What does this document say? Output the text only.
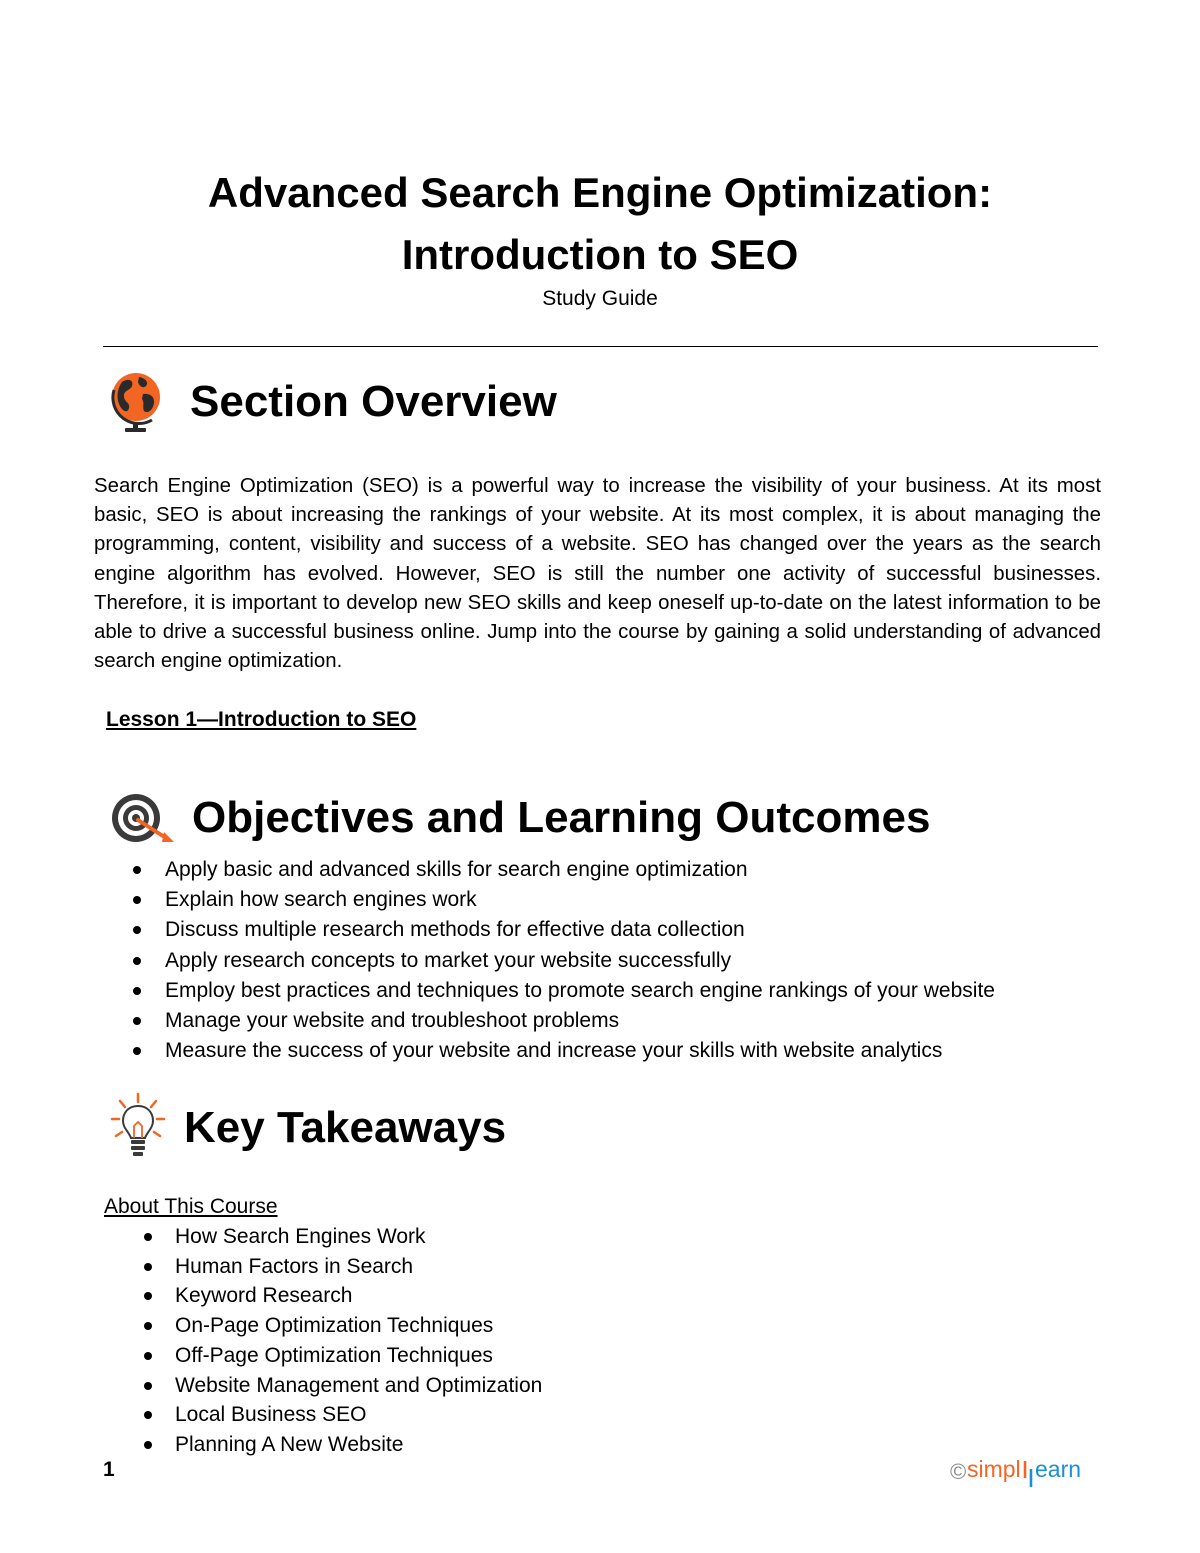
Advanced Search Engine Optimization:
Introduction to SEO
Study Guide
Section Overview

Search Engine Optimization (SEO) is a powerful way to increase the visibility of your business. At its most basic, SEO is about increasing the rankings of your website. At its most complex, it is about managing the programming, content, visibility and success of a website. SEO has changed over the years as the search engine algorithm has evolved. However, SEO is still the number one activity of successful businesses. Therefore, it is important to develop new SEO skills and keep oneself up-to-date on the latest information to be able to drive a successful business online. Jump into the course by gaining a solid understanding of advanced search engine optimization.

Lesson 1—Introduction to SEO
Objectives and Learning Outcomes
Apply basic and advanced skills for search engine optimization
Explain how search engines work
Discuss multiple research methods for effective data collection
Apply research concepts to market your website successfully
Employ best practices and techniques to promote search engine rankings of your website
Manage your website and troubleshoot problems
Measure the success of your website and increase your skills with website analytics
Key Takeaways
About This Course
How Search Engines Work
Human Factors in Search
Keyword Research
On-Page Optimization Techniques
Off-Page Optimization Techniques
Website Management and Optimization
Local Business SEO
Planning A New Website
1	© simpl earn
